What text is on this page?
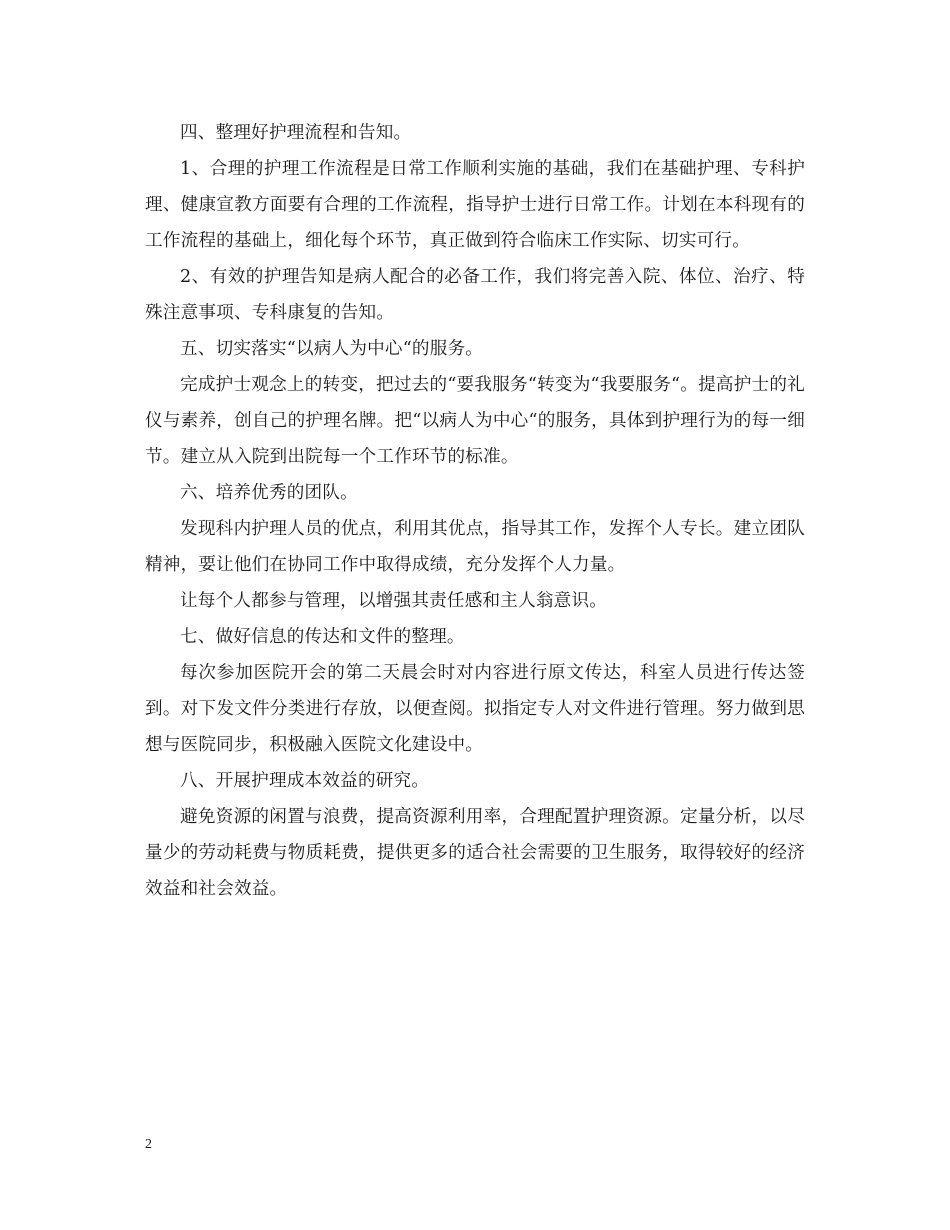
四、整理好护理流程和告知。

1、合理的护理工作流程是日常工作顺利实施的基础，我们在基础护理、专科护理、健康宣教方面要有合理的工作流程，指导护士进行日常工作。计划在本科现有的工作流程的基础上，细化每个环节，真正做到符合临床工作实际、切实可行。

2、有效的护理告知是病人配合的必备工作，我们将完善入院、体位、治疗、特殊注意事项、专科康复的告知。

五、切实落实“以病人为中心“的服务。

完成护士观念上的转变，把过去的“要我服务“转变为“我要服务“。提高护士的礼仪与素养，创自己的护理名牌。把“以病人为中心“的服务，具体到护理行为的每一细节。建立从入院到出院每一个工作环节的标准。

六、培养优秀的团队。

发现科内护理人员的优点，利用其优点，指导其工作，发挥个人专长。建立团队精神，要让他们在协同工作中取得成绩，充分发挥个人力量。

让每个人都参与管理，以增强其责任感和主人翁意识。

七、做好信息的传达和文件的整理。

每次参加医院开会的第二天晨会时对内容进行原文传达，科室人员进行传达签到。对下发文件分类进行存放，以便查阅。拟指定专人对文件进行管理。努力做到思想与医院同步，积极融入医院文化建设中。

八、开展护理成本效益的研究。

避免资源的闲置与浪费，提高资源利用率，合理配置护理资源。定量分析，以尽量少的劳动耗费与物质耗费，提供更多的适合社会需要的卫生服务，取得较好的经济效益和社会效益。

2
